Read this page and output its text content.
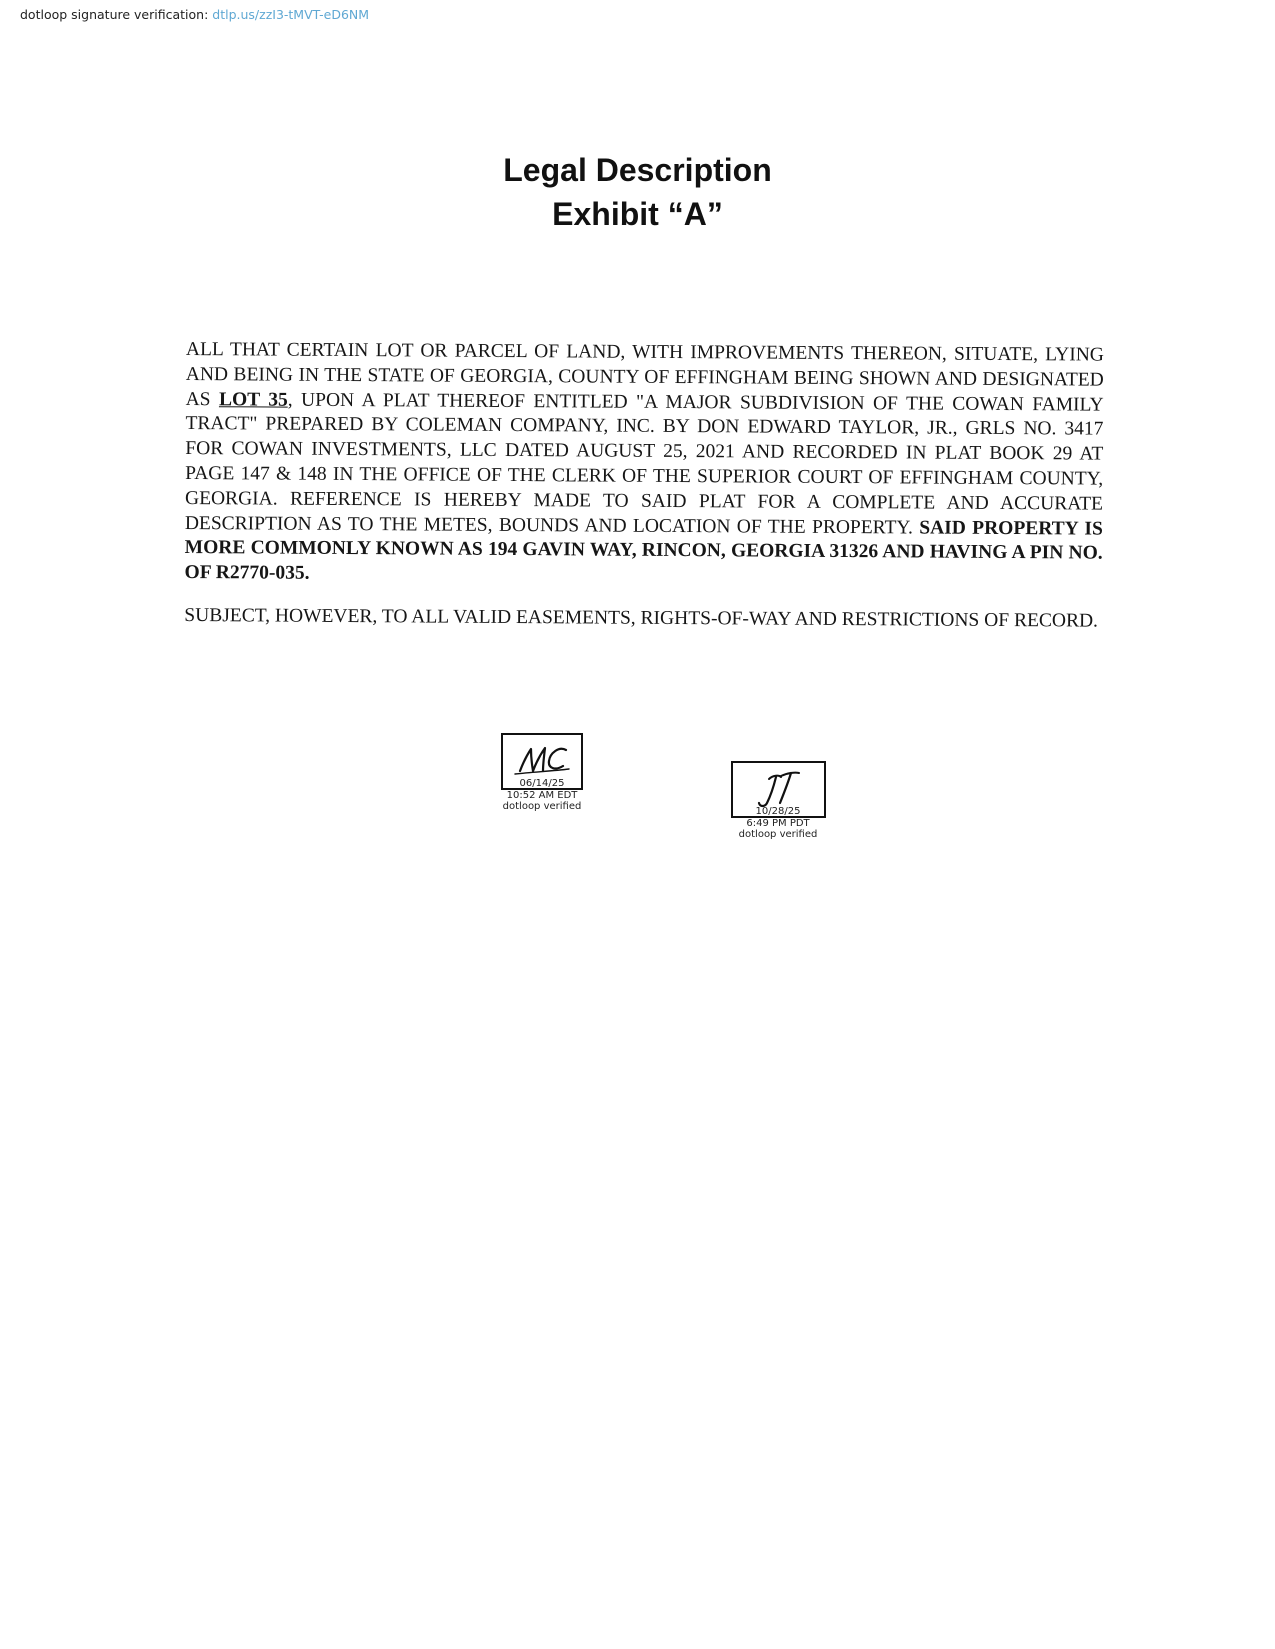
dotloop signature verification: dtlp.us/zzI3-tMVT-eD6NM
Legal Description
Exhibit “A”

ALL THAT CERTAIN LOT OR PARCEL OF LAND, WITH IMPROVEMENTS THEREON, SITUATE, LYING AND BEING IN THE STATE OF GEORGIA, COUNTY OF EFFINGHAM BEING SHOWN AND DESIGNATED AS LOT 35, UPON A PLAT THEREOF ENTITLED "A MAJOR SUBDIVISION OF THE COWAN FAMILY TRACT" PREPARED BY COLEMAN COMPANY, INC. BY DON EDWARD TAYLOR, JR., GRLS NO. 3417 FOR COWAN INVESTMENTS, LLC DATED AUGUST 25, 2021 AND RECORDED IN PLAT BOOK 29 AT PAGE 147 & 148 IN THE OFFICE OF THE CLERK OF THE SUPERIOR COURT OF EFFINGHAM COUNTY, GEORGIA. REFERENCE IS HEREBY MADE TO SAID PLAT FOR A COMPLETE AND ACCURATE DESCRIPTION AS TO THE METES, BOUNDS AND LOCATION OF THE PROPERTY. SAID PROPERTY IS MORE COMMONLY KNOWN AS 194 GAVIN WAY, RINCON, GEORGIA 31326 AND HAVING A PIN NO. OF R2770-035.

SUBJECT, HOWEVER, TO ALL VALID EASEMENTS, RIGHTS-OF-WAY AND RESTRICTIONS OF RECORD.

06/14/25
10:52 AM EDT
dotloop verified	10/28/25
6:49 PM PDT
dotloop verified
